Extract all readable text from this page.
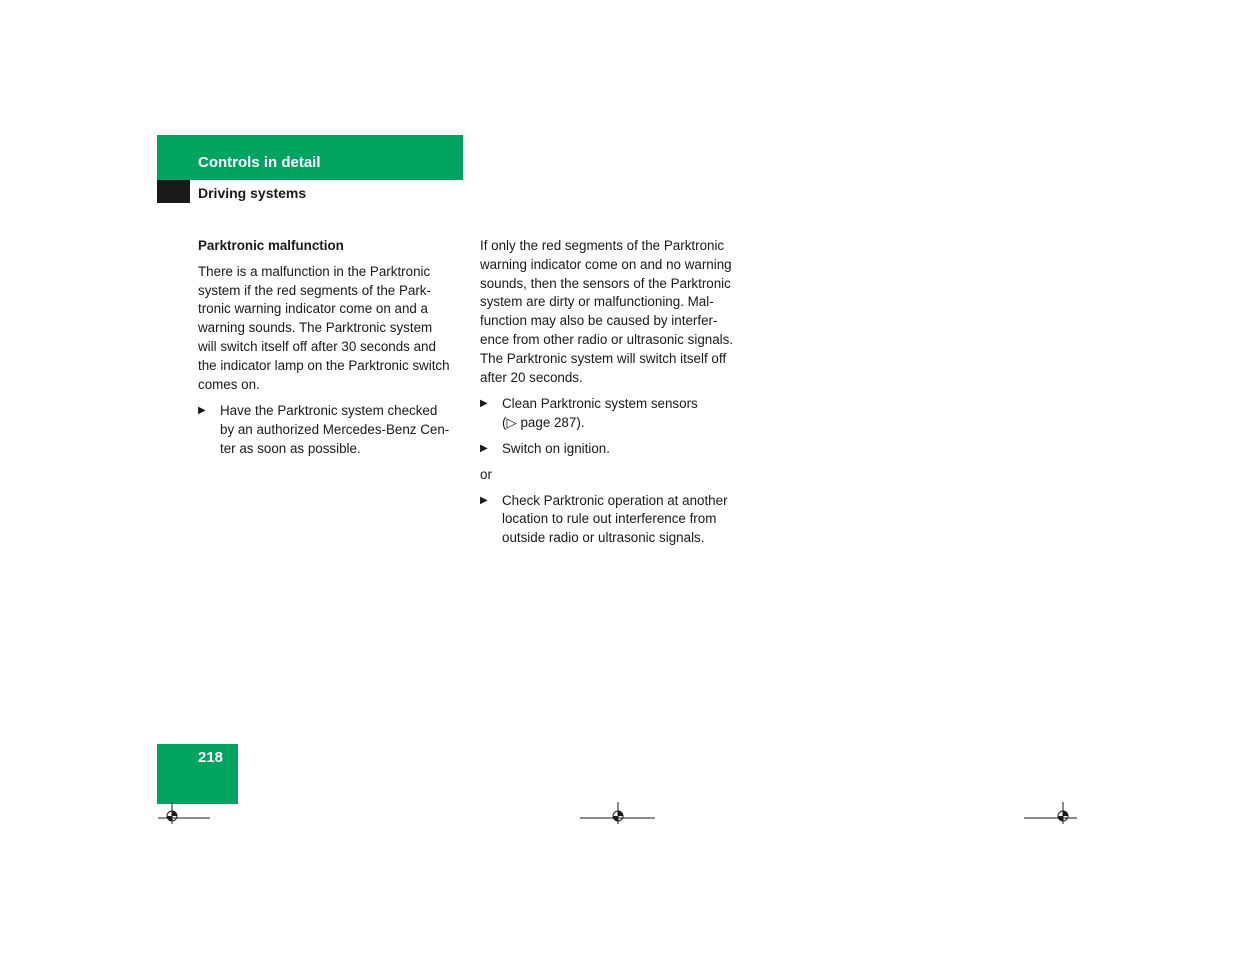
Controls in detail
Driving systems
Parktronic malfunction
There is a malfunction in the Parktronic
system if the red segments of the Park-
tronic warning indicator come on and a
warning sounds. The Parktronic system
will switch itself off after 30 seconds and
the indicator lamp on the Parktronic switch
comes on.
▶ Have the Parktronic system checked
by an authorized Mercedes-Benz Cen-
ter as soon as possible.
If only the red segments of the Parktronic
warning indicator come on and no warning
sounds, then the sensors of the Parktronic
system are dirty or malfunctioning. Mal-
function may also be caused by interfer-
ence from other radio or ultrasonic signals.
The Parktronic system will switch itself off
after 20 seconds.
▶ Clean Parktronic system sensors
(▷ page 287).
▶ Switch on ignition.
or
▶ Check Parktronic operation at another
location to rule out interference from
outside radio or ultrasonic signals.
218
